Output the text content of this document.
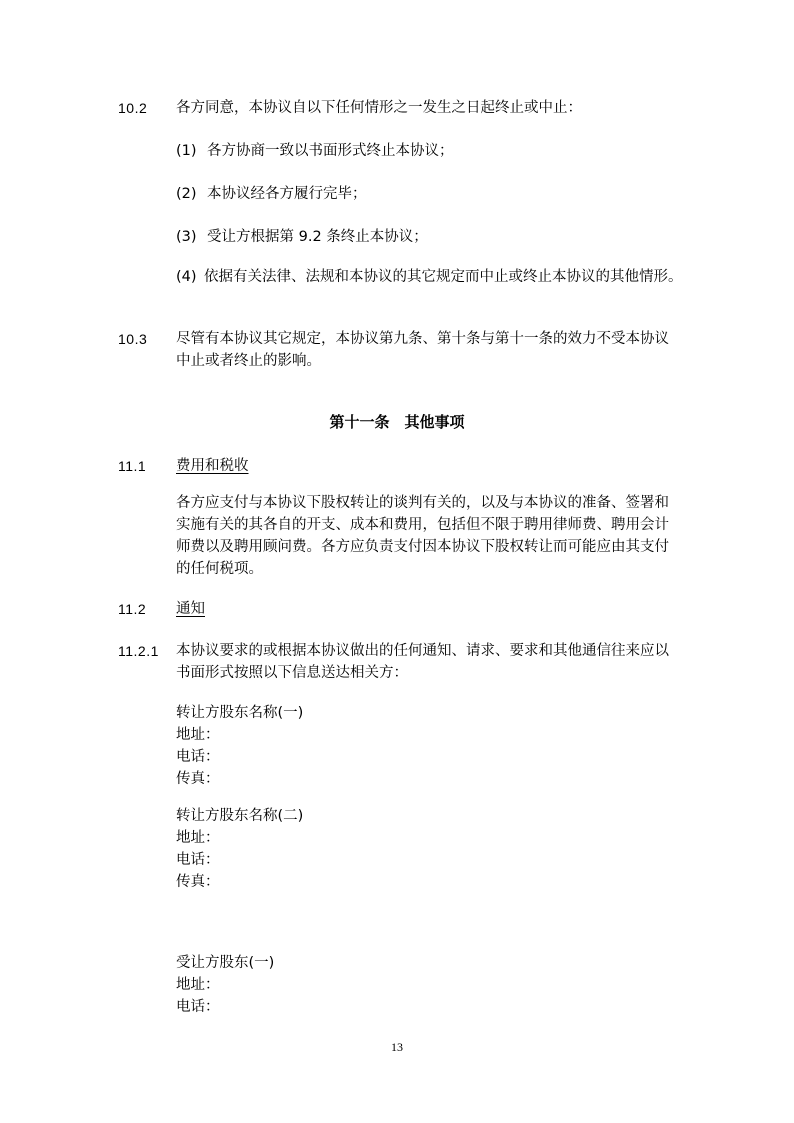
10.2	各方同意，本协议自以下任何情形之一发生之日起终止或中止：
(1) 各方协商一致以书面形式终止本协议；
(2) 本协议经各方履行完毕；
(3) 受让方根据第 9.2 条终止本协议；
(4) 依据有关法律、法规和本协议的其它规定而中止或终止本协议的其他情形。
10.3	尽管有本协议其它规定，本协议第九条、第十条与第十一条的效力不受本协议中止或者终止的影响。
第十一条　其他事项
11.1	费用和税收
各方应支付与本协议下股权转让的谈判有关的，以及与本协议的准备、签署和实施有关的其各自的开支、成本和费用，包括但不限于聘用律师费、聘用会计师费以及聘用顾问费。各方应负责支付因本协议下股权转让而可能应由其支付的任何税项。
11.2	通知
11.2.1	本协议要求的或根据本协议做出的任何通知、请求、要求和其他通信往来应以书面形式按照以下信息送达相关方：
转让方股东名称(一)
地址：
电话：
传真：
转让方股东名称(二)
地址：
电话：
传真：
受让方股东(一)
地址：
电话：
13
